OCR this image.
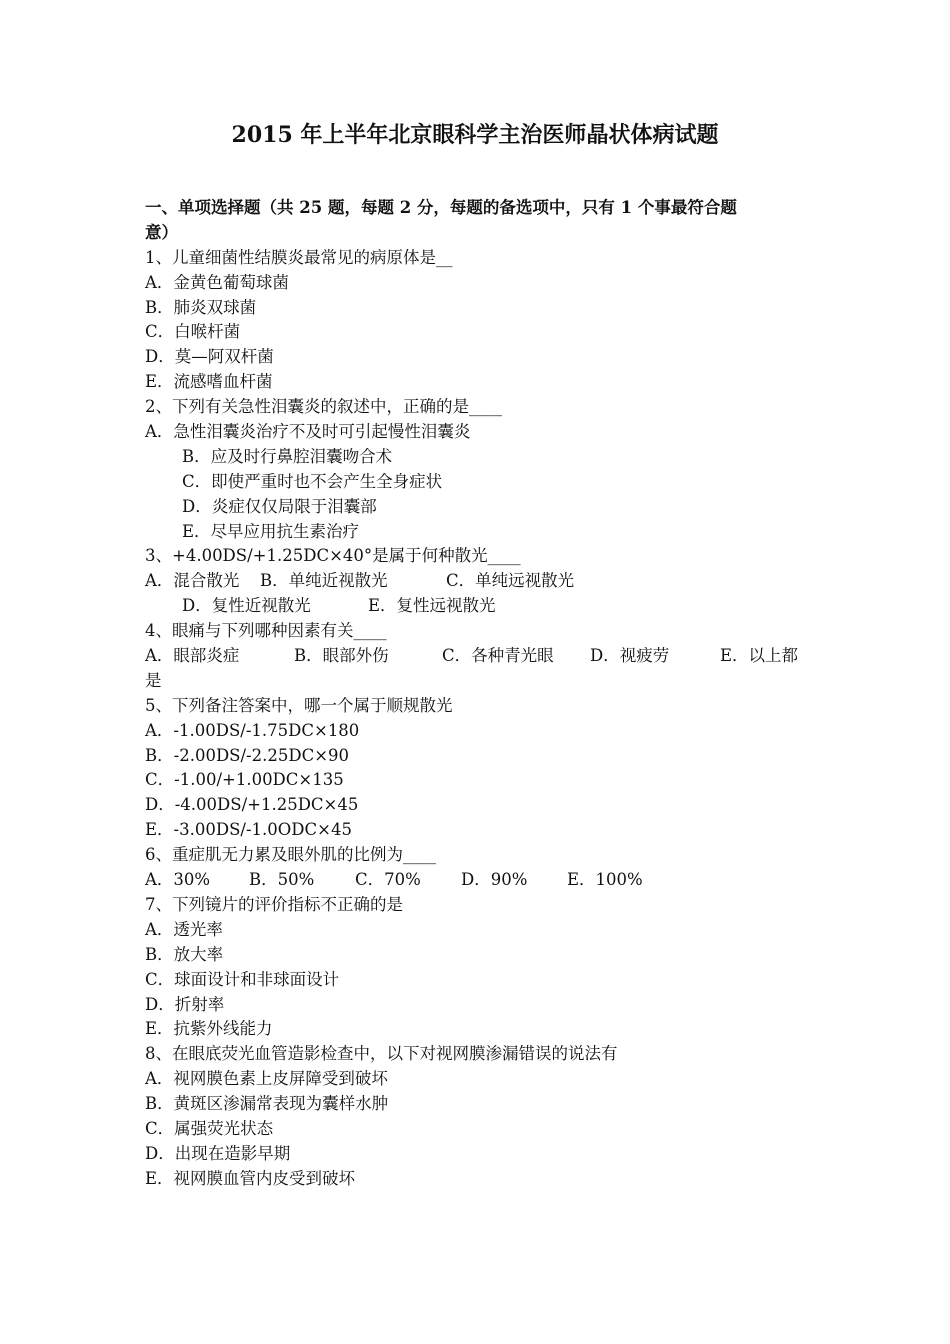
2015 年上半年北京眼科学主治医师晶状体病试题
一、单项选择题（共 25 题，每题 2 分，每题的备选项中，只有 1 个事最符合题
意）
1、儿童细菌性结膜炎最常见的病原体是__
A．金黄色葡萄球菌
B．肺炎双球菌
C．白喉杆菌
D．莫—阿双杆菌
E．流感嗜血杆菌
2、下列有关急性泪囊炎的叙述中，正确的是____
A．急性泪囊炎治疗不及时可引起慢性泪囊炎
B．应及时行鼻腔泪囊吻合术
C．即使严重时也不会产生全身症状
D．炎症仅仅局限于泪囊部
E．尽早应用抗生素治疗
3、+4.00DS/+1.25DC×40°是属于何种散光____
A．混合散光 B．单纯近视散光	C．单纯远视散光
D．复性近视散光	E．复性远视散光
4、眼痛与下列哪种因素有关____
A．眼部炎症	B．眼部外伤	C．各种青光眼 D．视疲劳	E．以上都
是
5、下列备注答案中，哪一个属于顺规散光
A．-1.00DS/-1.75DC×180
B．-2.00DS/-2.25DC×90
C．-1.00/+1.00DC×135
D．-4.00DS/+1.25DC×45
E．-3.00DS/-1.0ODC×45
6、重症肌无力累及眼外肌的比例为____
A．30% B．50% C．70% D．90% E．100%
7、下列镜片的评价指标不正确的是
A．透光率
B．放大率
C．球面设计和非球面设计
D．折射率
E．抗紫外线能力
8、在眼底荧光血管造影检查中，以下对视网膜渗漏错误的说法有
A．视网膜色素上皮屏障受到破坏
B．黄斑区渗漏常表现为囊样水肿
C．属强荧光状态
D．出现在造影早期
E．视网膜血管内皮受到破坏
